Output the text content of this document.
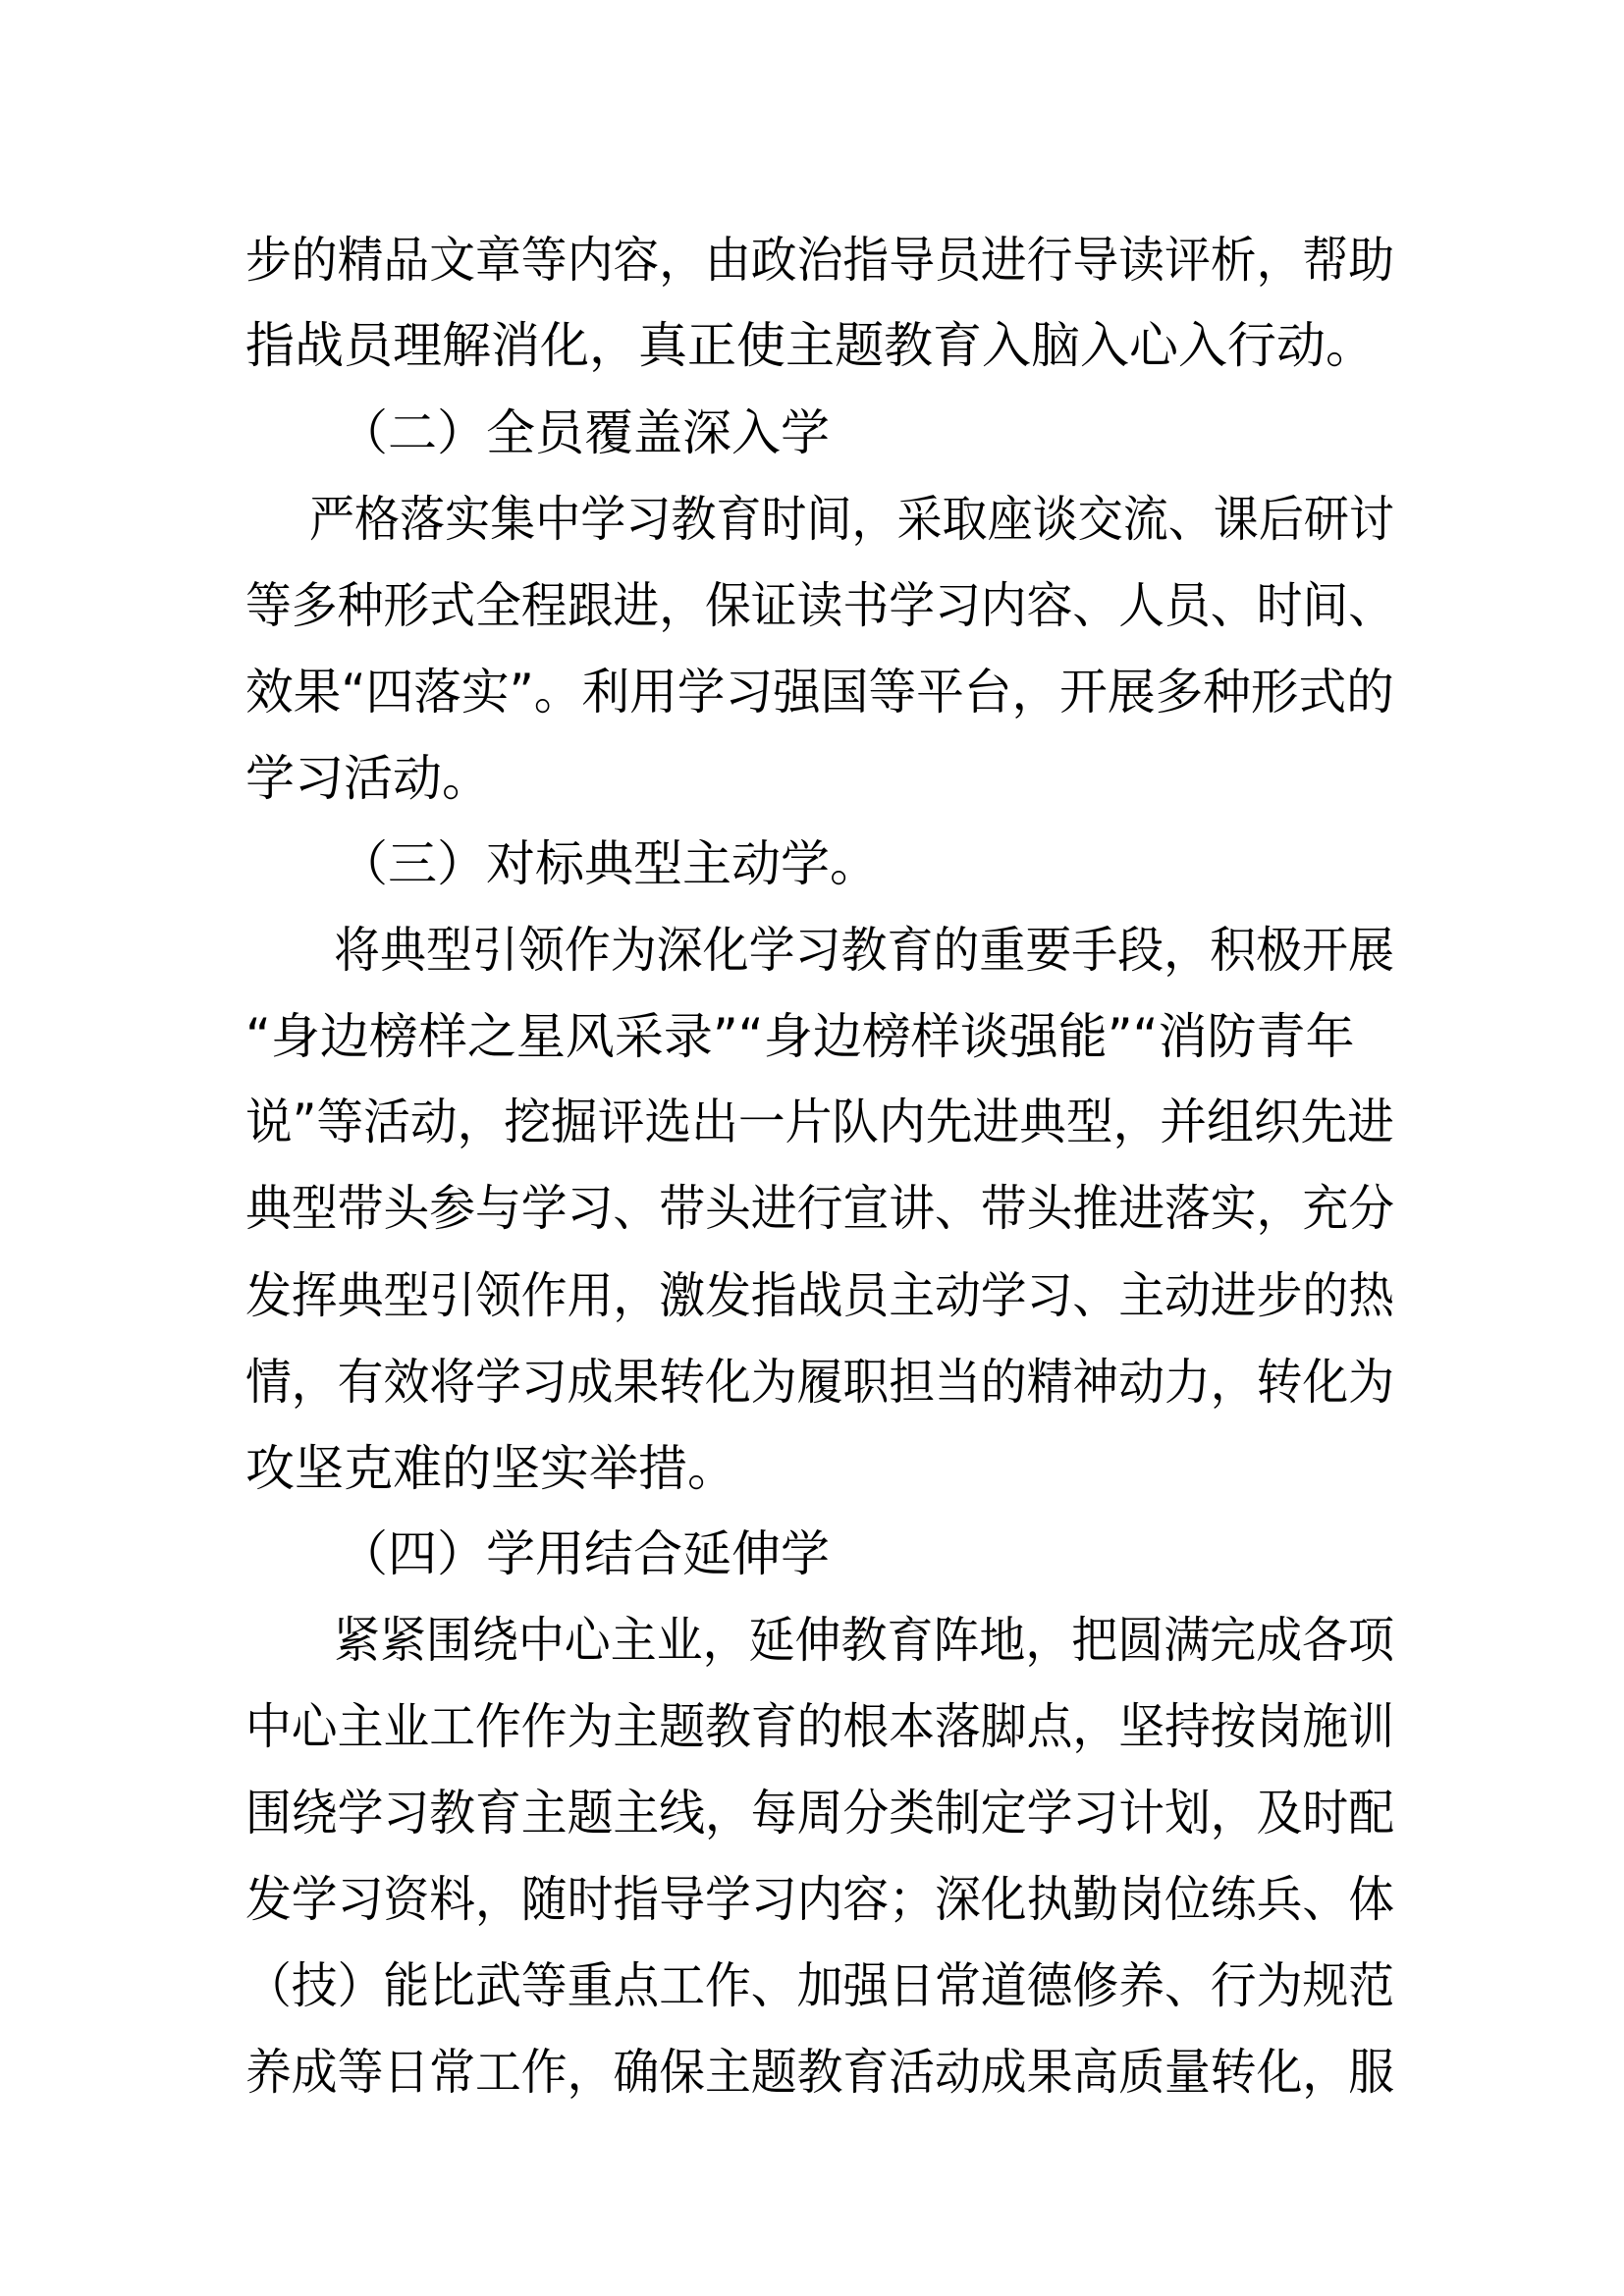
步的精品文章等内容，由政治指导员进行导读评析，帮助

指战员理解消化，真正使主题教育入脑入心入行动。

（二）全员覆盖深入学

严格落实集中学习教育时间，采取座谈交流、课后研讨

等多种形式全程跟进，保证读书学习内容、人员、时间、

效果“四落实”。利用学习强国等平台，开展多种形式的

学习活动。

（三）对标典型主动学。

将典型引领作为深化学习教育的重要手段，积极开展

“身边榜样之星风采录”“身边榜样谈强能”“消防青年

说”等活动，挖掘评选出一片队内先进典型，并组织先进

典型带头参与学习、带头进行宣讲、带头推进落实，充分

发挥典型引领作用，激发指战员主动学习、主动进步的热

情，有效将学习成果转化为履职担当的精神动力，转化为

攻坚克难的坚实举措。

（四）学用结合延伸学

紧紧围绕中心主业，延伸教育阵地，把圆满完成各项

中心主业工作作为主题教育的根本落脚点，坚持按岗施训

围绕学习教育主题主线，每周分类制定学习计划，及时配

发学习资料，随时指导学习内容；深化执勤岗位练兵、体

（技）能比武等重点工作、加强日常道德修养、行为规范

养成等日常工作，确保主题教育活动成果高质量转化，服
